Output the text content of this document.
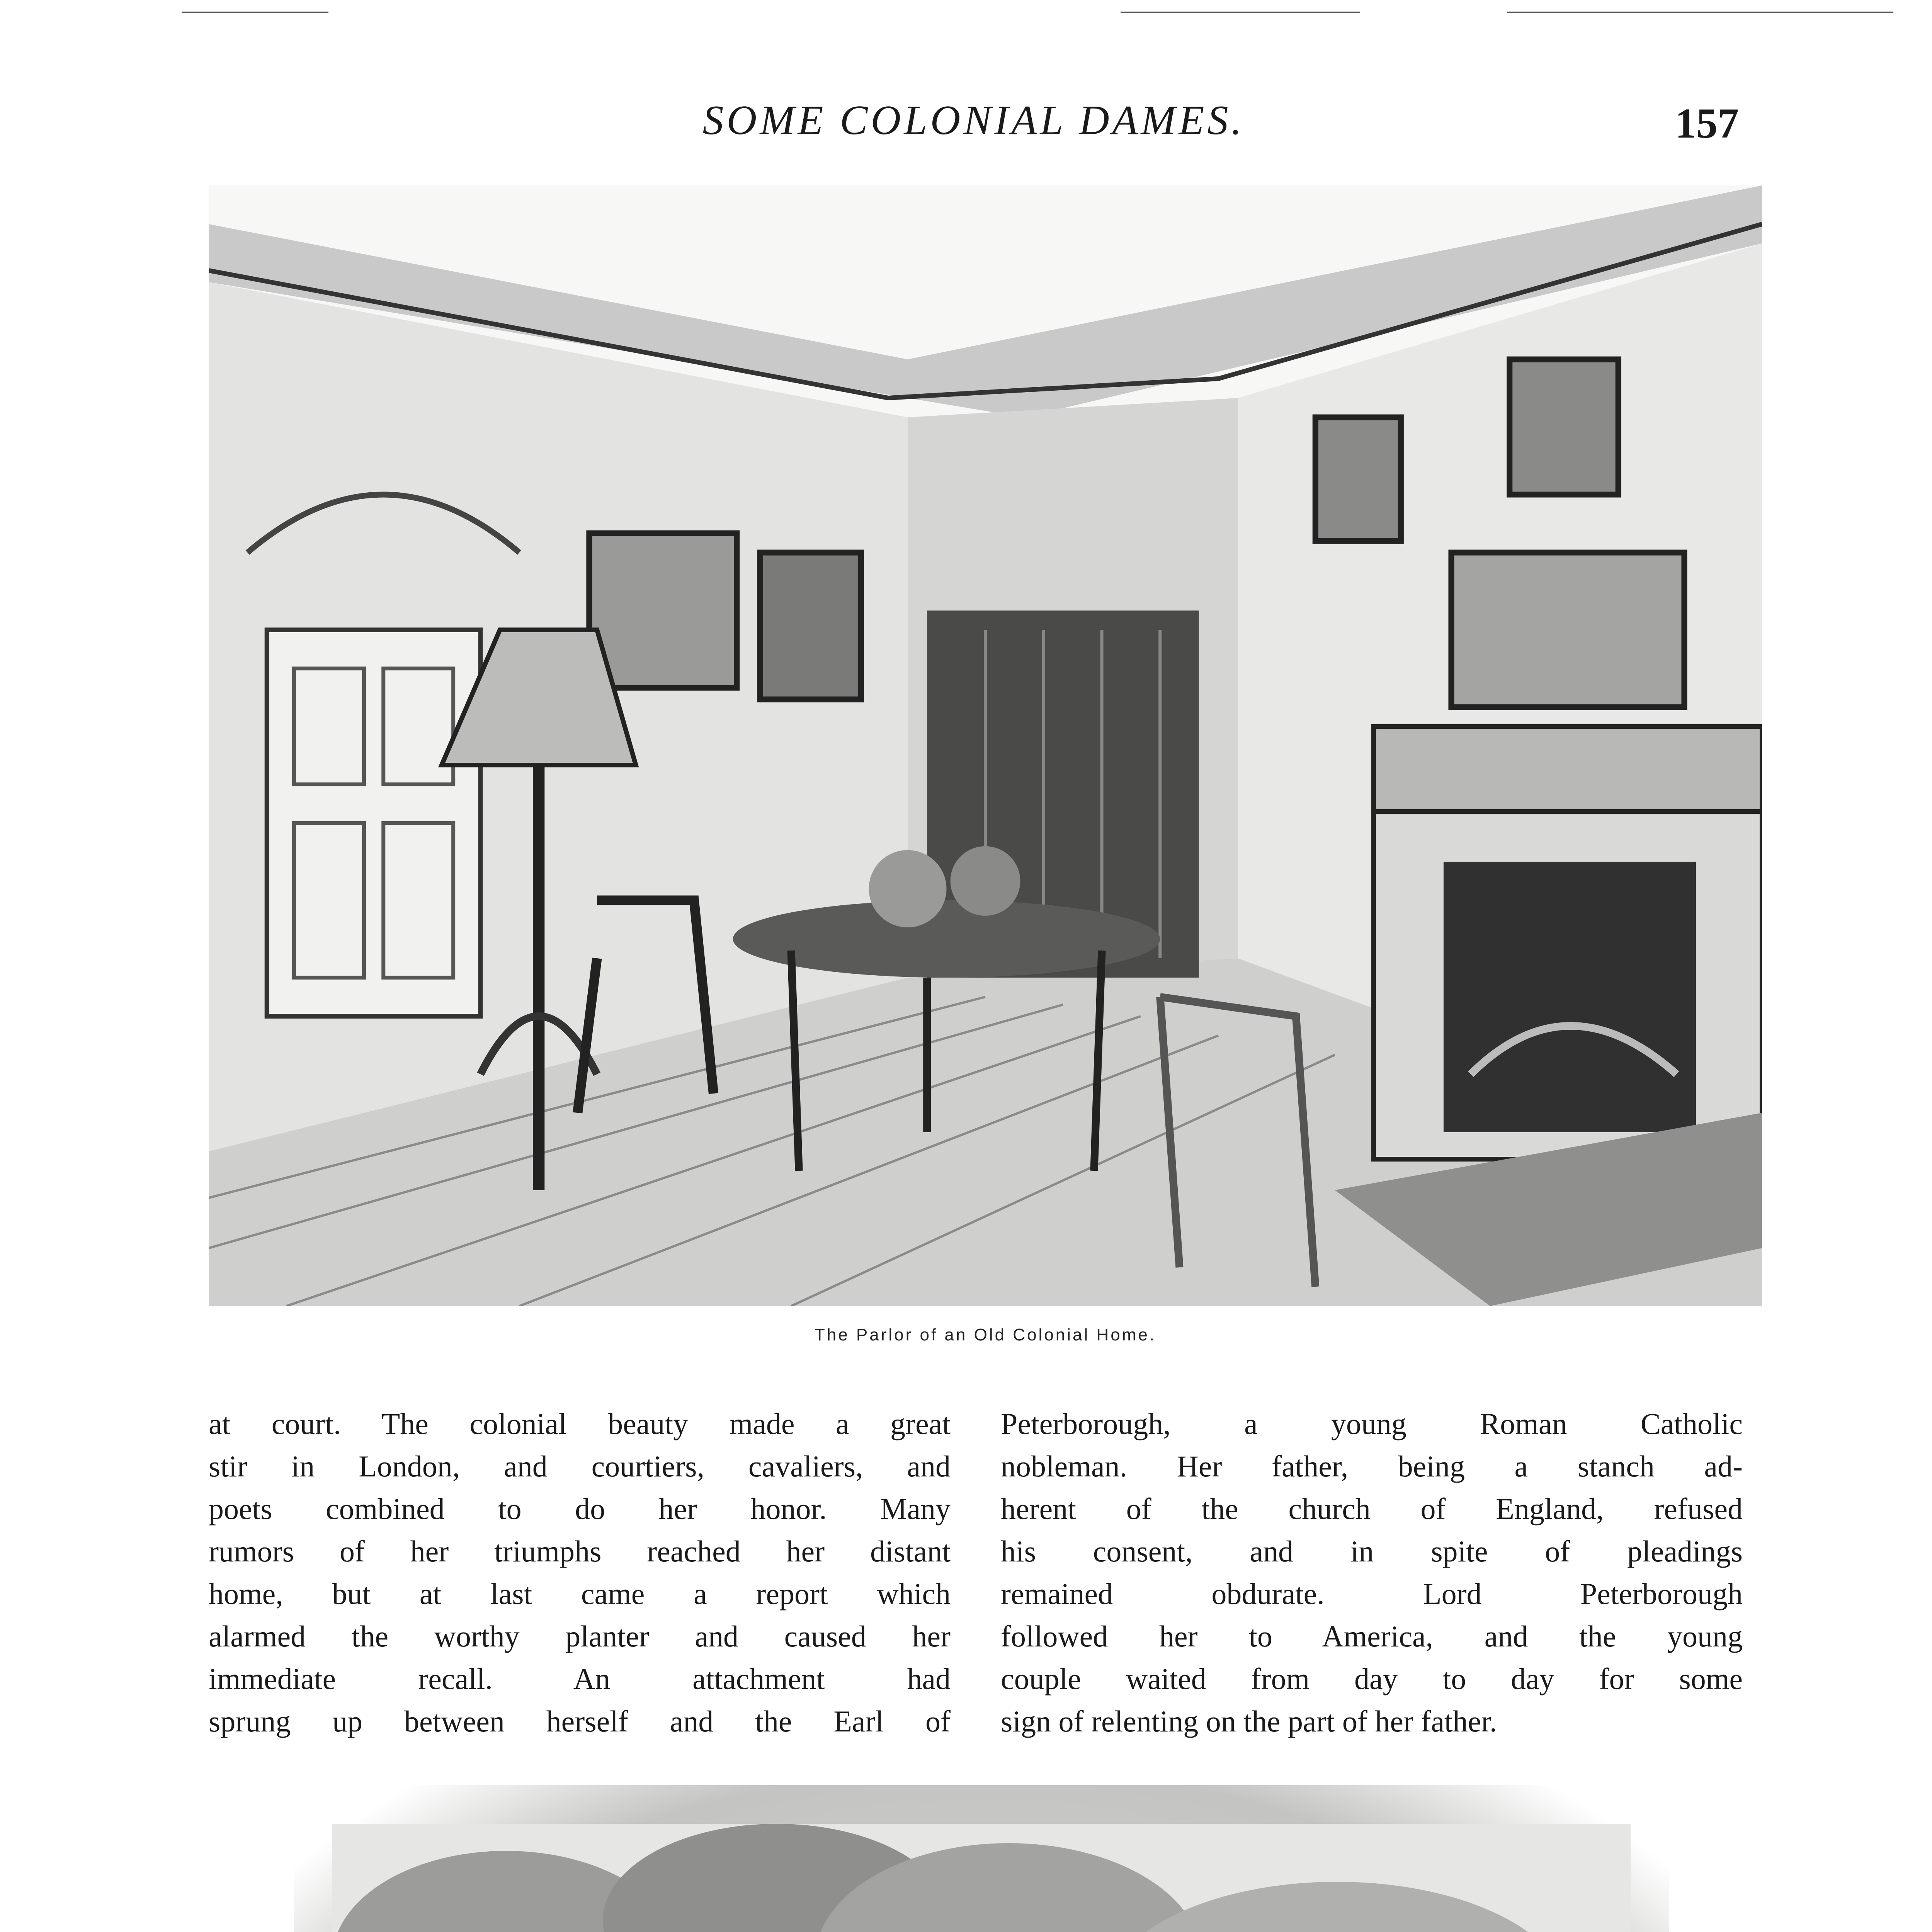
SOME COLONIAL DAMES.	157
The Parlor of an Old Colonial Home.
at court. The colonial beauty made a great
stir in London, and courtiers, cavaliers, and
poets combined to do her honor. Many
rumors of her triumphs reached her distant
home, but at last came a report which
alarmed the worthy planter and caused her
immediate recall. An attachment had
sprung up between herself and the Earl of
Peterborough, a young Roman Catholic
nobleman. Her father, being a stanch ad-
herent of the church of England, refused
his consent, and in spite of pleadings
remained obdurate. Lord Peterborough
followed her to America, and the young
couple waited from day to day for some
sign of relenting on the part of her father.
